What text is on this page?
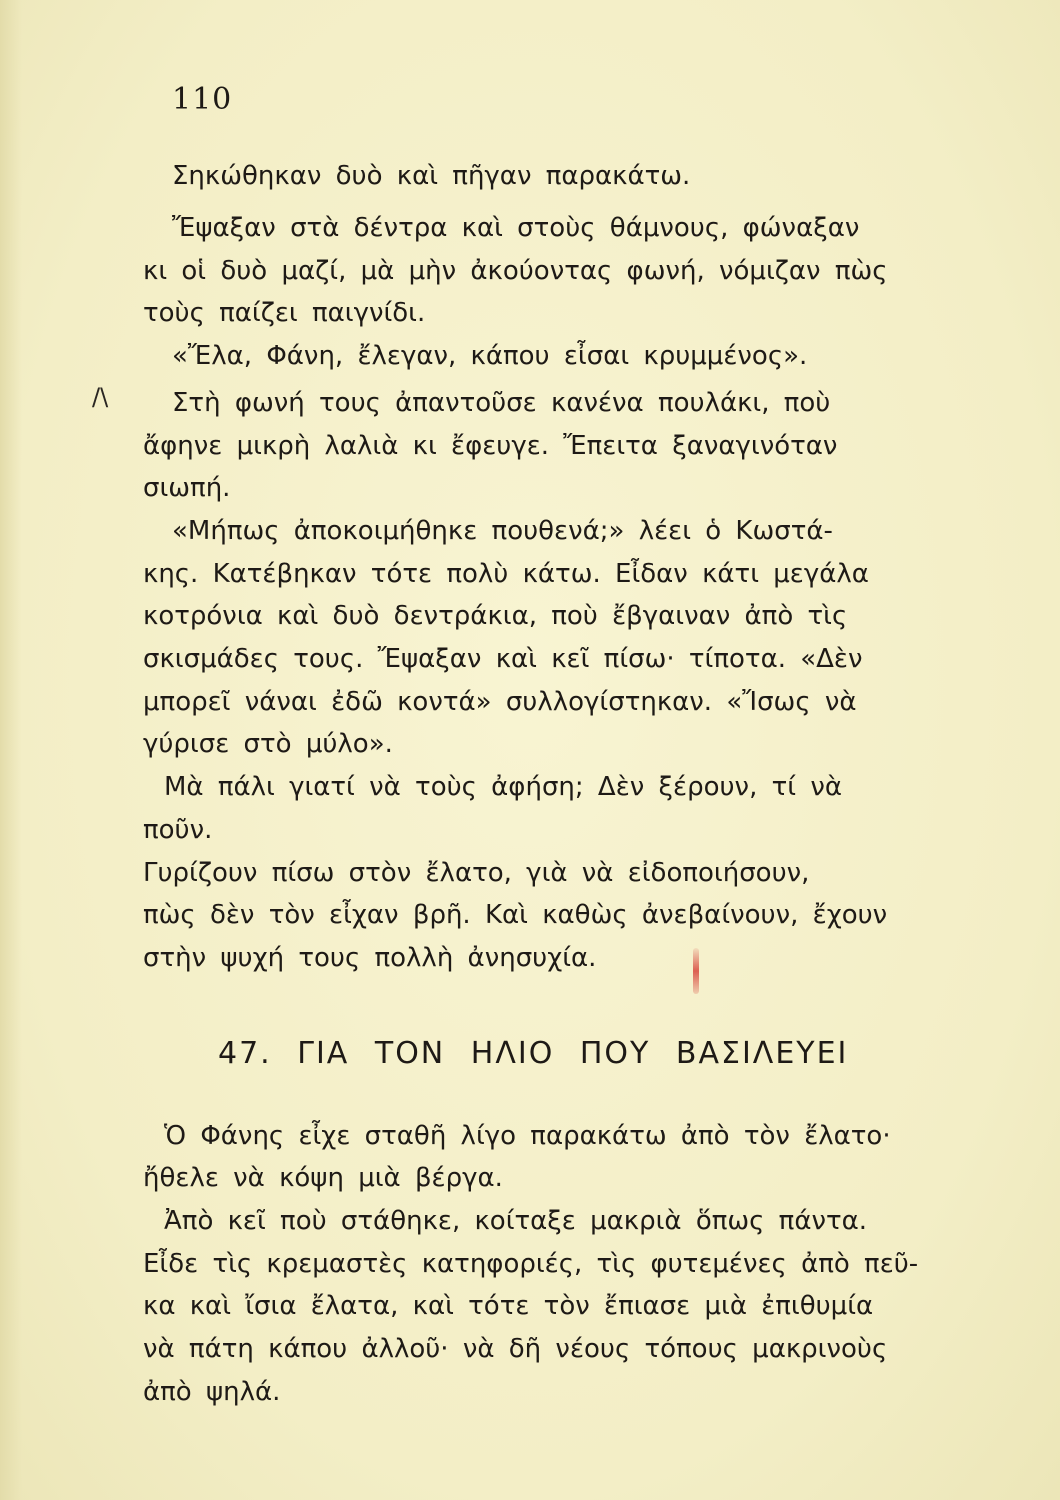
110
/\
Σηκώθηκαν δυὸ καὶ πῆγαν παρακάτω.
Ἔψαξαν στὰ δέντρα καὶ στοὺς θάμνους, φώναξαν
κι οἱ δυὸ μαζί, μὰ μὴν ἀκούοντας φωνή, νόμιζαν πὼς
τοὺς παίζει παιγνίδι.
«Ἔλα, Φάνη, ἔλεγαν, κάπου εἶσαι κρυμμένος».
Στὴ φωνή τους ἀπαντοῦσε κανένα πουλάκι, ποὺ
ἄφηνε μικρὴ λαλιὰ κι ἔφευγε. Ἔπειτα ξαναγινόταν
σιωπή.
«Μήπως ἀποκοιμήθηκε πουθενά;» λέει ὁ Κωστά-
κης. Κατέβηκαν τότε πολὺ κάτω. Εἶδαν κάτι μεγάλα
κοτρόνια καὶ δυὸ δεντράκια, ποὺ ἔβγαιναν ἀπὸ τὶς
σκισμάδες τους. Ἔψαξαν καὶ κεῖ πίσω· τίποτα. «Δὲν
μπορεῖ νάναι ἐδῶ κοντά» συλλογίστηκαν. «Ἴσως νὰ
γύρισε στὸ μύλο».
Μὰ πάλι γιατί νὰ τοὺς ἀφήση; Δὲν ξέρουν, τί νὰ
ποῦν.
Γυρίζουν πίσω στὸν ἔλατο, γιὰ νὰ εἰδοποιήσουν,
πὼς δὲν τὸν εἶχαν βρῆ. Καὶ καθὼς ἀνεβαίνουν, ἔχουν
στὴν ψυχή τους πολλὴ ἀνησυχία.
47. ΓΙΑ ΤΟΝ ΗΛΙΟ ΠΟΥ ΒΑΣΙΛΕΥΕΙ
Ὁ Φάνης εἶχε σταθῆ λίγο παρακάτω ἀπὸ τὸν ἔλατο·
ἤθελε νὰ κόψη μιὰ βέργα.
Ἀπὸ κεῖ ποὺ στάθηκε, κοίταξε μακριὰ ὅπως πάντα.
Εἶδε τὶς κρεμαστὲς κατηφοριές, τὶς φυτεμένες ἀπὸ πεῦ-
κα καὶ ἴσια ἔλατα, καὶ τότε τὸν ἔπιασε μιὰ ἐπιθυμία
νὰ πάτη κάπου ἀλλοῦ· νὰ δῆ νέους τόπους μακρινοὺς
ἀπὸ ψηλά.
